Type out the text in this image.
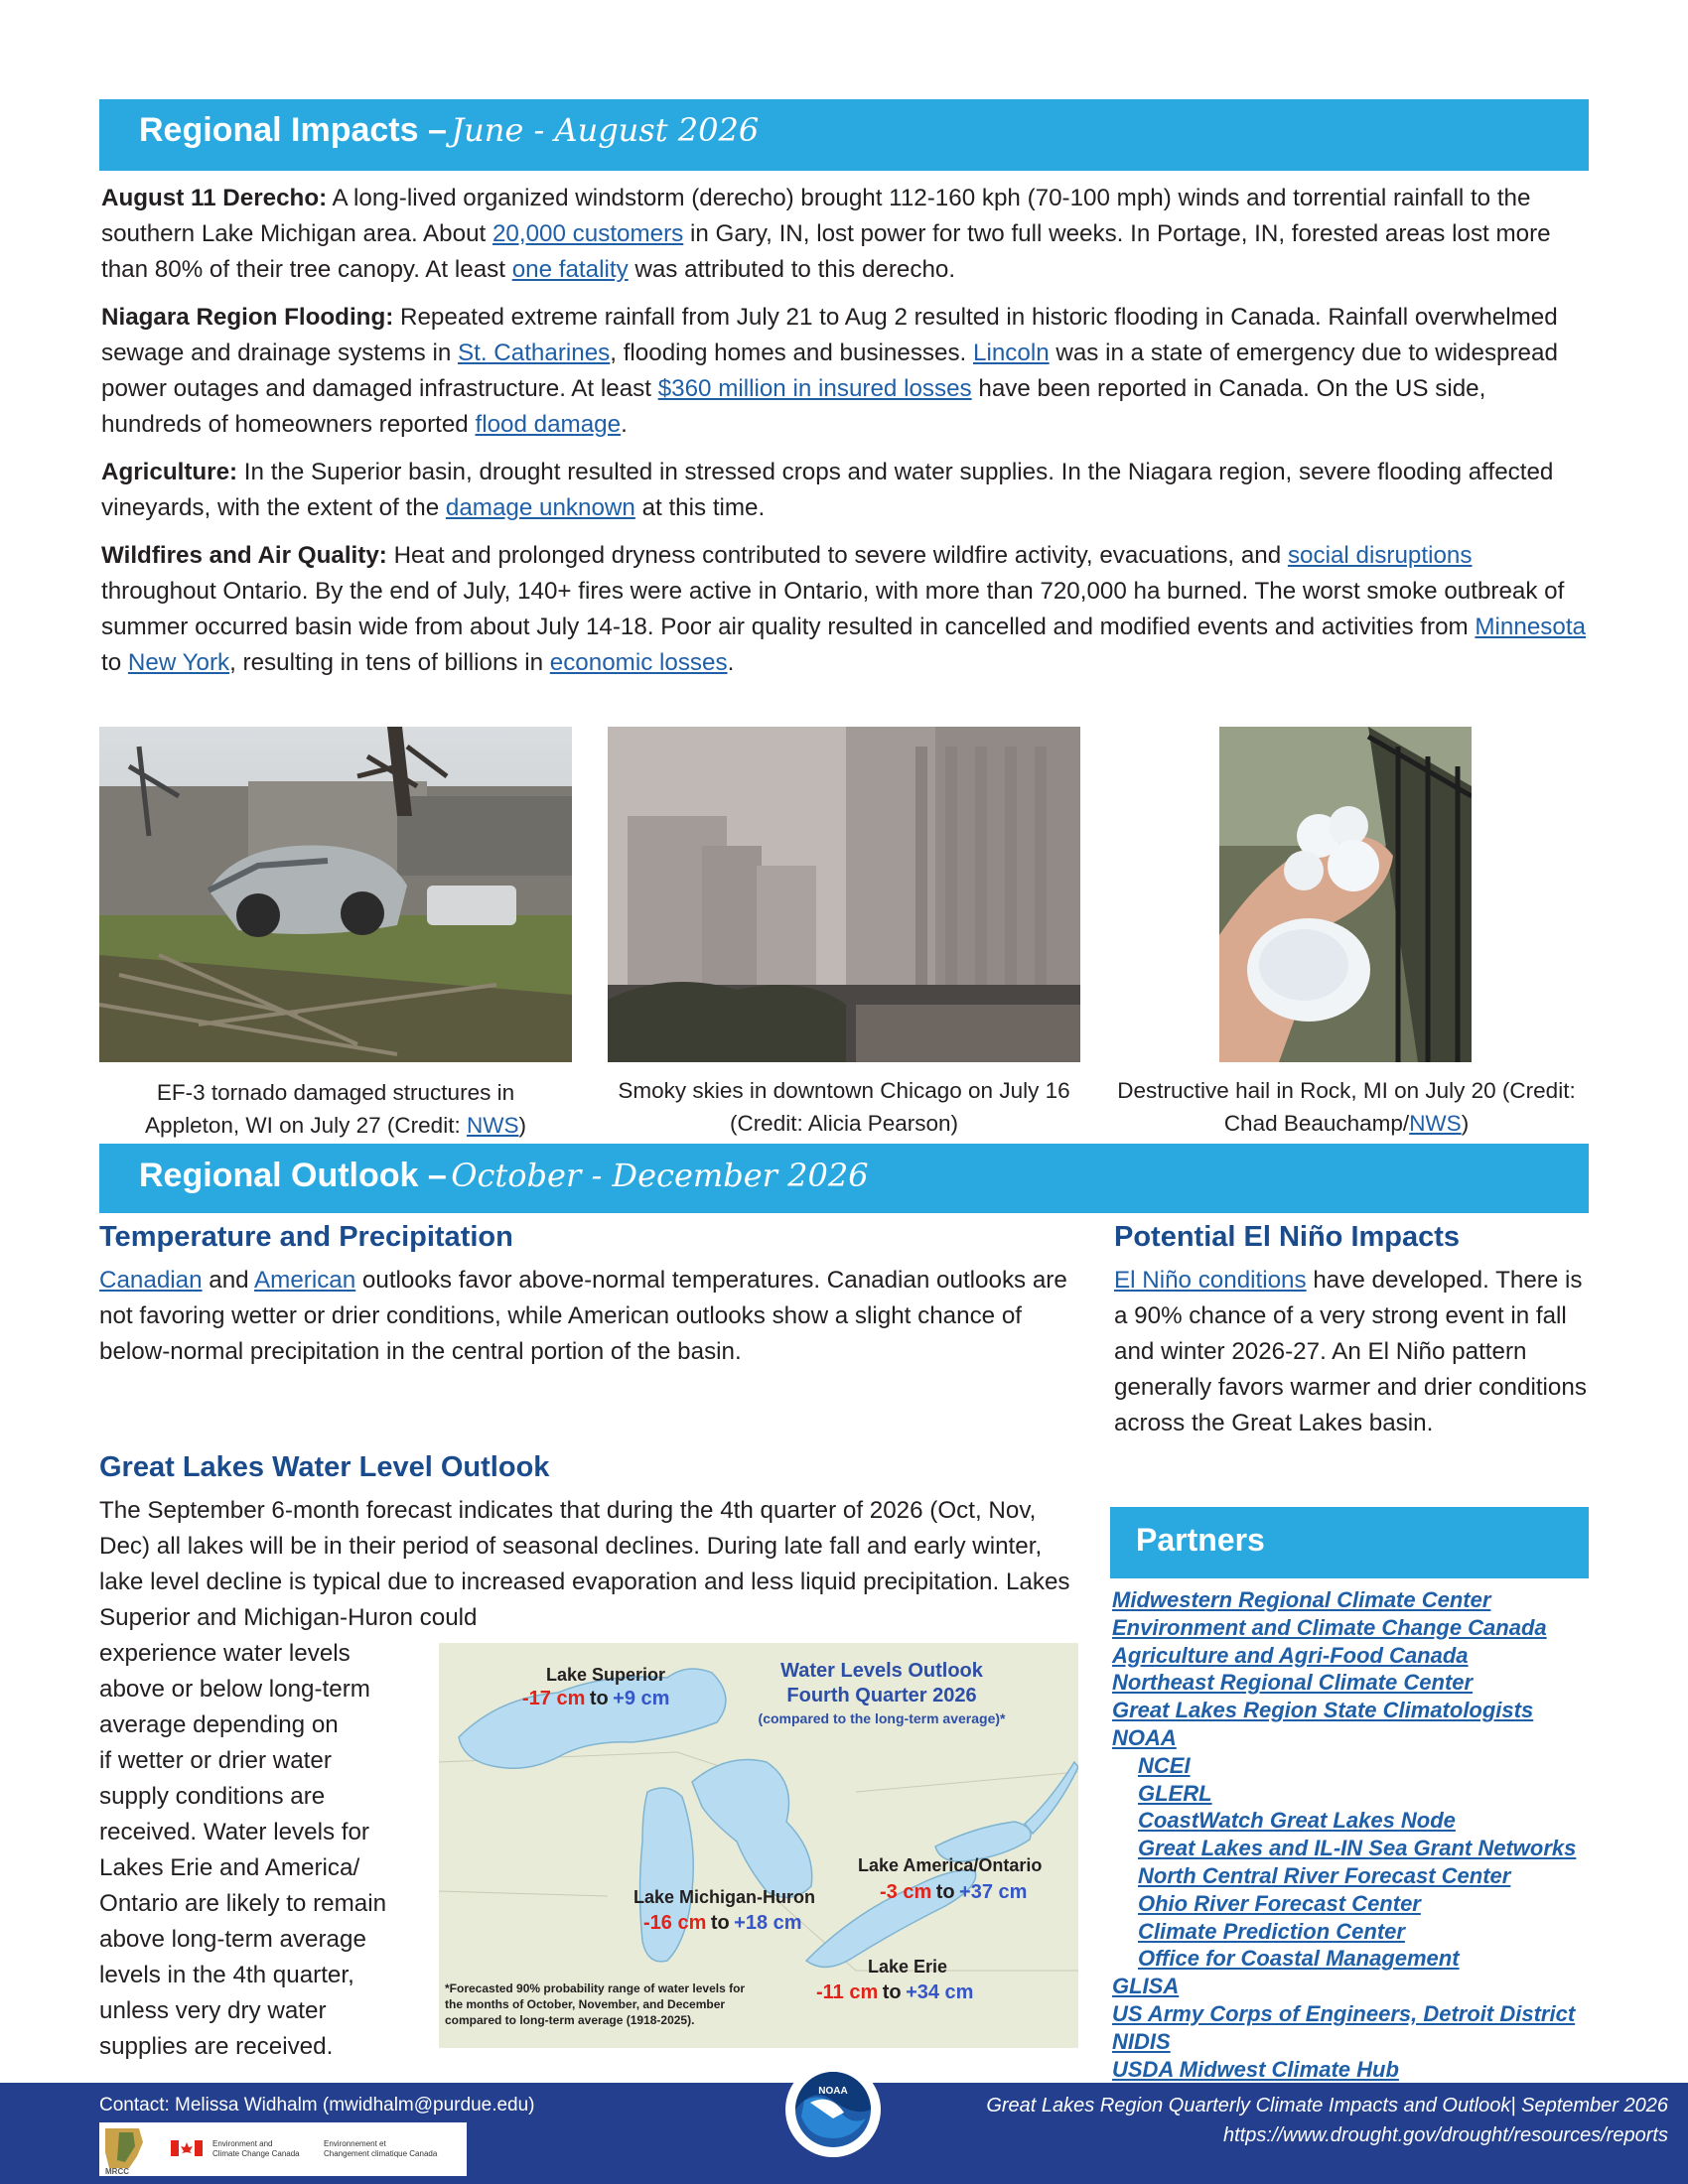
Regional Impacts – June - August 2026

August 11 Derecho: A long-lived organized windstorm (derecho) brought 112-160 kph (70-100 mph) winds and torrential rainfall to the southern Lake Michigan area. About 20,000 customers in Gary, IN, lost power for two full weeks. In Portage, IN, forested areas lost more than 80% of their tree canopy. At least one fatality was attributed to this derecho.

Niagara Region Flooding: Repeated extreme rainfall from July 21 to Aug 2 resulted in historic flooding in Canada. Rainfall overwhelmed sewage and drainage systems in St. Catharines, flooding homes and businesses. Lincoln was in a state of emergency due to widespread power outages and damaged infrastructure. At least $360 million in insured losses have been reported in Canada. On the US side, hundreds of homeowners reported flood damage.

Agriculture: In the Superior basin, drought resulted in stressed crops and water supplies. In the Niagara region, severe flooding affected vineyards, with the extent of the damage unknown at this time.

Wildfires and Air Quality: Heat and prolonged dryness contributed to severe wildfire activity, evacuations, and social disruptions throughout Ontario. By the end of July, 140+ fires were active in Ontario, with more than 720,000 ha burned. The worst smoke outbreak of summer occurred basin wide from about July 14-18. Poor air quality resulted in cancelled and modified events and activities from Minnesota to New York, resulting in tens of billions in economic losses.

EF-3 tornado damaged structures in Appleton, WI on July 27 (Credit: NWS)
Smoky skies in downtown Chicago on July 16 (Credit: Alicia Pearson)
Destructive hail in Rock, MI on July 20 (Credit: Chad Beauchamp/NWS)
Regional Outlook – October - December 2026
Temperature and Precipitation
Canadian and American outlooks favor above-normal temperatures. Canadian outlooks are not favoring wetter or drier conditions, while American outlooks show a slight chance of below-normal precipitation in the central portion of the basin.
Potential El Niño Impacts
El Niño conditions have developed. There is a 90% chance of a very strong event in fall and winter 2026-27. An El Niño pattern generally favors warmer and drier conditions across the Great Lakes basin.
Great Lakes Water Level Outlook
The September 6-month forecast indicates that during the 4th quarter of 2026 (Oct, Nov, Dec) all lakes will be in their period of seasonal declines. During late fall and early winter, lake level decline is typical due to increased evaporation and less liquid precipitation. Lakes Superior and Michigan-Huron could
experience water levels
above or below long-term
average depending on
if wetter or drier water
supply conditions are
received. Water levels for
Lakes Erie and America/
Ontario are likely to remain
above long-term average
levels in the 4th quarter,
unless very dry water
supplies are received.
Lake Superior
-17 cm to +9 cm
Water Levels Outlook
Fourth Quarter 2026
(compared to the long-term average)*
Lake America/Ontario
-3 cm to +37 cm
Lake Michigan-Huron
-16 cm to +18 cm
Lake Erie
-11 cm to +34 cm
*Forecasted 90% probability range of water levels for
the months of October, November, and December
compared to long-term average (1918-2025).
Partners
Midwestern Regional Climate Center
Environment and Climate Change Canada
Agriculture and Agri-Food Canada
Northeast Regional Climate Center
Great Lakes Region State Climatologists
NOAA
NCEI
GLERL
CoastWatch Great Lakes Node
Great Lakes and IL-IN Sea Grant Networks
North Central River Forecast Center
Ohio River Forecast Center
Climate Prediction Center
Office for Coastal Management
GLISA
US Army Corps of Engineers, Detroit District
NIDIS
USDA Midwest Climate Hub
Contact: Melissa Widhalm (mwidhalm@purdue.edu)
MRCC
Environment and
Climate Change Canada
Environnement et
Changement climatique Canada
NOAA
Great Lakes Region Quarterly Climate Impacts and Outlook| September 2026
https://www.drought.gov/drought/resources/reports
